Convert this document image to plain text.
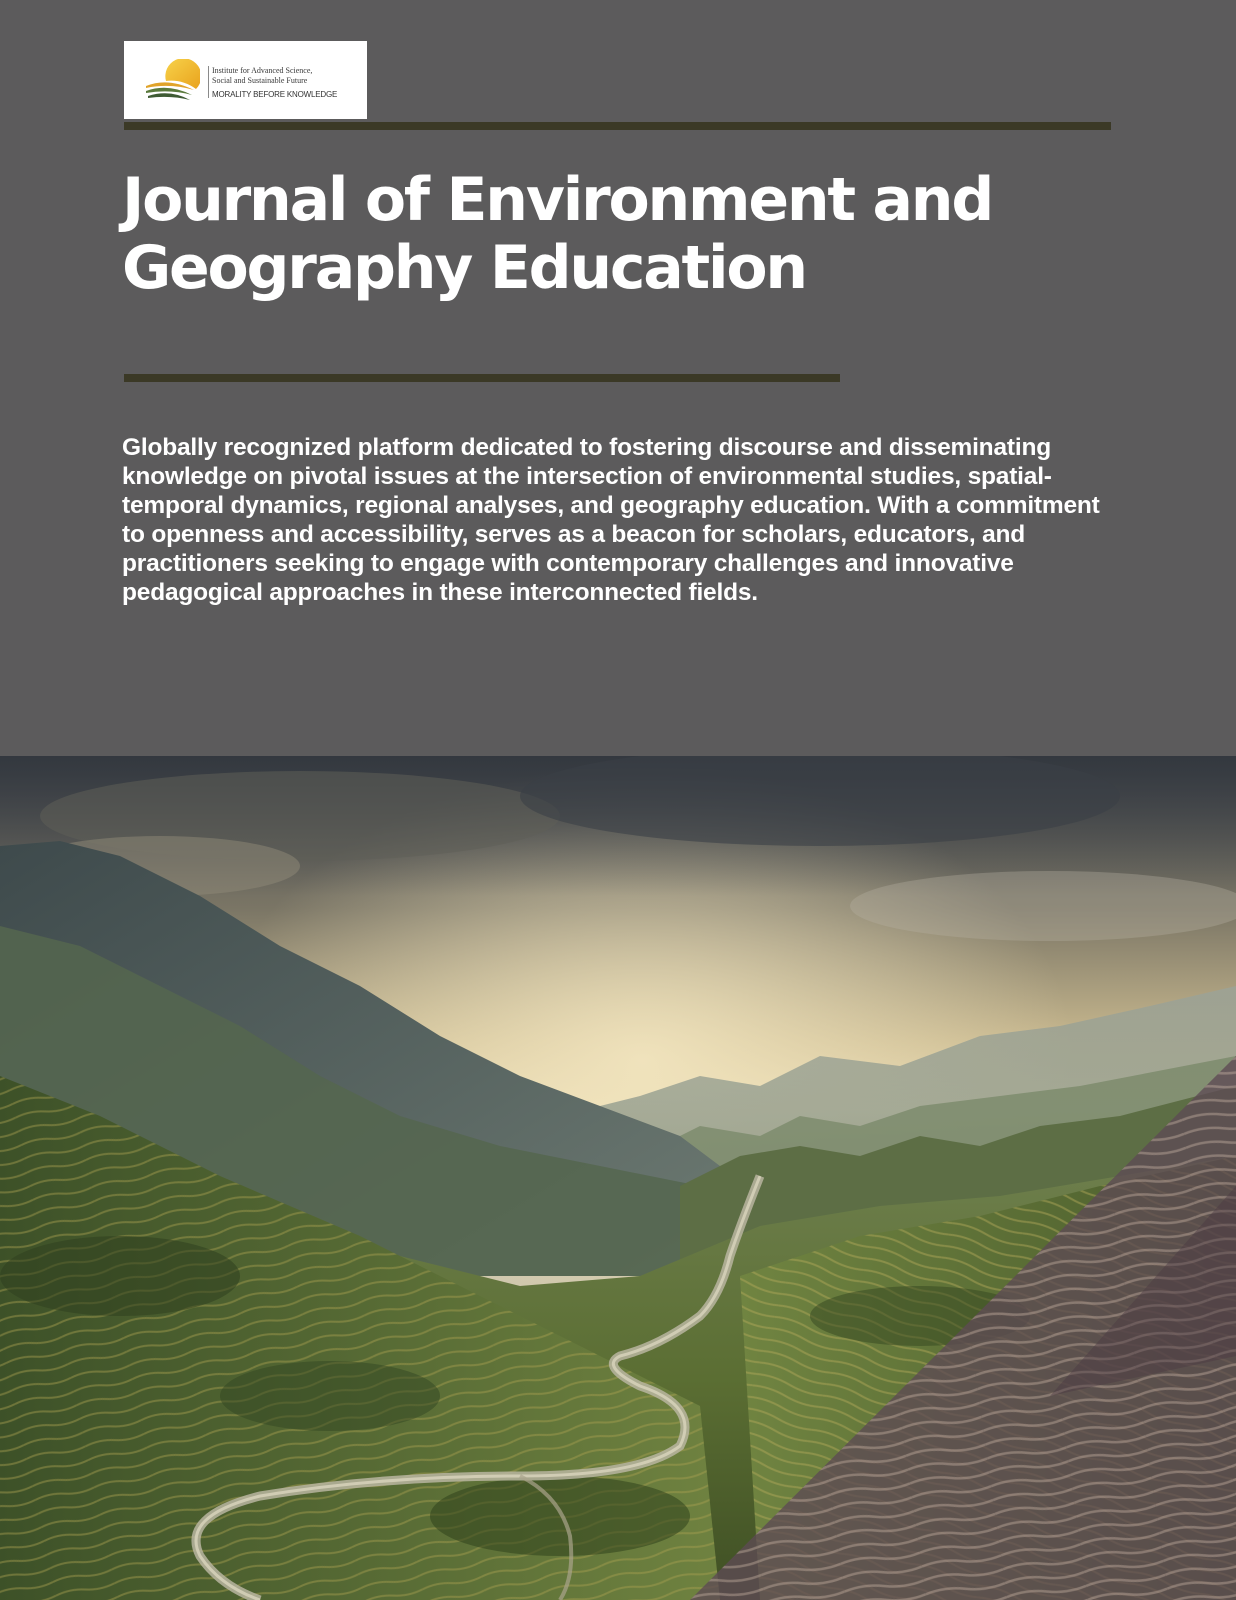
Institute for Advanced Science,
Social and Sustainable Future
MORALITY BEFORE KNOWLEDGE
Journal of Environment and
Geography Education

Globally recognized platform dedicated to fostering discourse and disseminating knowledge on pivotal issues at the intersection of environmental studies, spatial-temporal dynamics, regional analyses, and geography education. With a commitment to openness and accessibility, serves as a beacon for scholars, educators, and practitioners seeking to engage with contemporary challenges and innovative pedagogical approaches in these interconnected fields.
